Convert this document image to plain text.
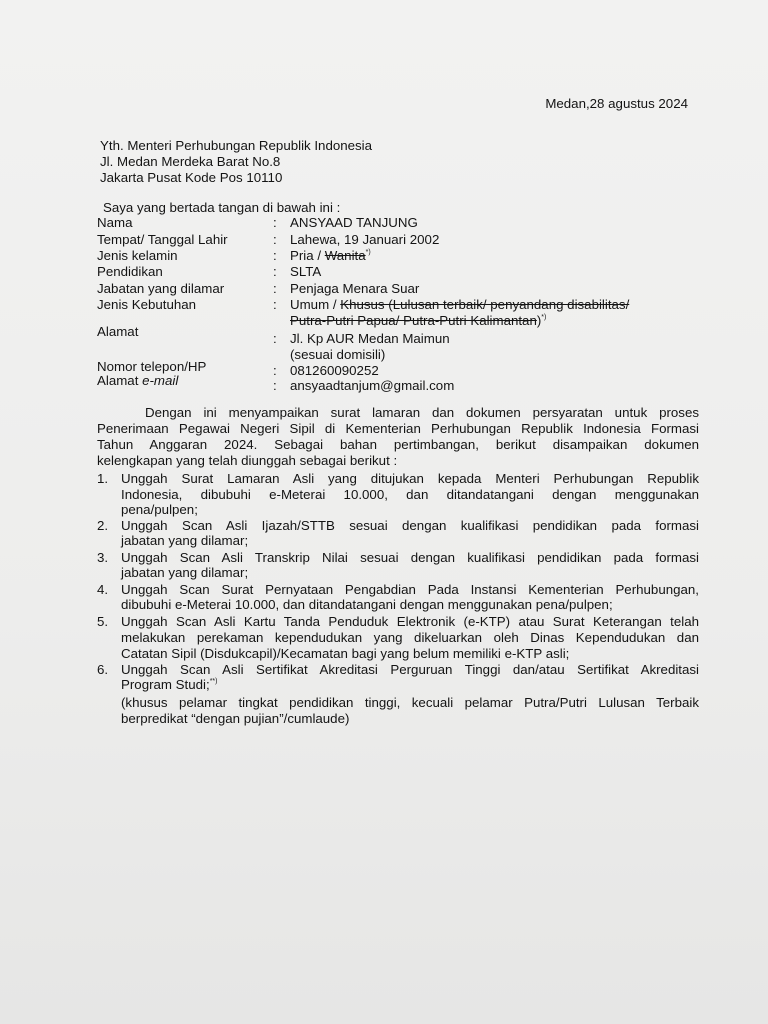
Medan,28 agustus 2024
Yth. Menteri Perhubungan Republik Indonesia
Jl. Medan Merdeka Barat No.8
Jakarta Pusat Kode Pos 10110
Saya yang bertada tangan di bawah ini :
Nama	: ANSYAAD TANJUNG
Tempat/ Tanggal Lahir	: Lahewa, 19 Januari 2002
Jenis kelamin	: Pria / Wanita*)
Pendidikan	: SLTA
Jabatan yang dilamar	: Penjaga Menara Suar
Jenis Kebutuhan	: Umum / Khusus (Lulusan terbaik/ penyandang disabilitas/
Putra-Putri Papua/ Putra-Putri Kalimantan)*)
Alamat	: Jl. Kp AUR Medan Maimun
(sesuai domisili)
Nomor telepon/HP	: 081260090252
Alamat e-mail	: ansyaadtanjum@gmail.com
Dengan ini menyampaikan surat lamaran dan dokumen persyaratan untuk proses
Penerimaan Pegawai Negeri Sipil di Kementerian Perhubungan Republik Indonesia Formasi
Tahun Anggaran 2024. Sebagai bahan pertimbangan, berikut disampaikan dokumen
kelengkapan yang telah diunggah sebagai berikut :
1. Unggah Surat Lamaran Asli yang ditujukan kepada Menteri Perhubungan Republik
Indonesia, dibubuhi e-Meterai 10.000, dan ditandatangani dengan menggunakan
pena/pulpen;
2. Unggah Scan Asli Ijazah/STTB sesuai dengan kualifikasi pendidikan pada formasi
jabatan yang dilamar;
3. Unggah Scan Asli Transkrip Nilai sesuai dengan kualifikasi pendidikan pada formasi
jabatan yang dilamar;
4. Unggah Scan Surat Pernyataan Pengabdian Pada Instansi Kementerian Perhubungan,
dibubuhi e-Meterai 10.000, dan ditandatangani dengan menggunakan pena/pulpen;
5. Unggah Scan Asli Kartu Tanda Penduduk Elektronik (e-KTP) atau Surat Keterangan telah
melakukan perekaman kependudukan yang dikeluarkan oleh Dinas Kependudukan dan
Catatan Sipil (Disdukcapil)/Kecamatan bagi yang belum memiliki e-KTP asli;
6. Unggah Scan Asli Sertifikat Akreditasi Perguruan Tinggi dan/atau Sertifikat Akreditasi
Program Studi;**)
(khusus pelamar tingkat pendidikan tinggi, kecuali pelamar Putra/Putri Lulusan Terbaik
berpredikat “dengan pujian”/cumlaude)
